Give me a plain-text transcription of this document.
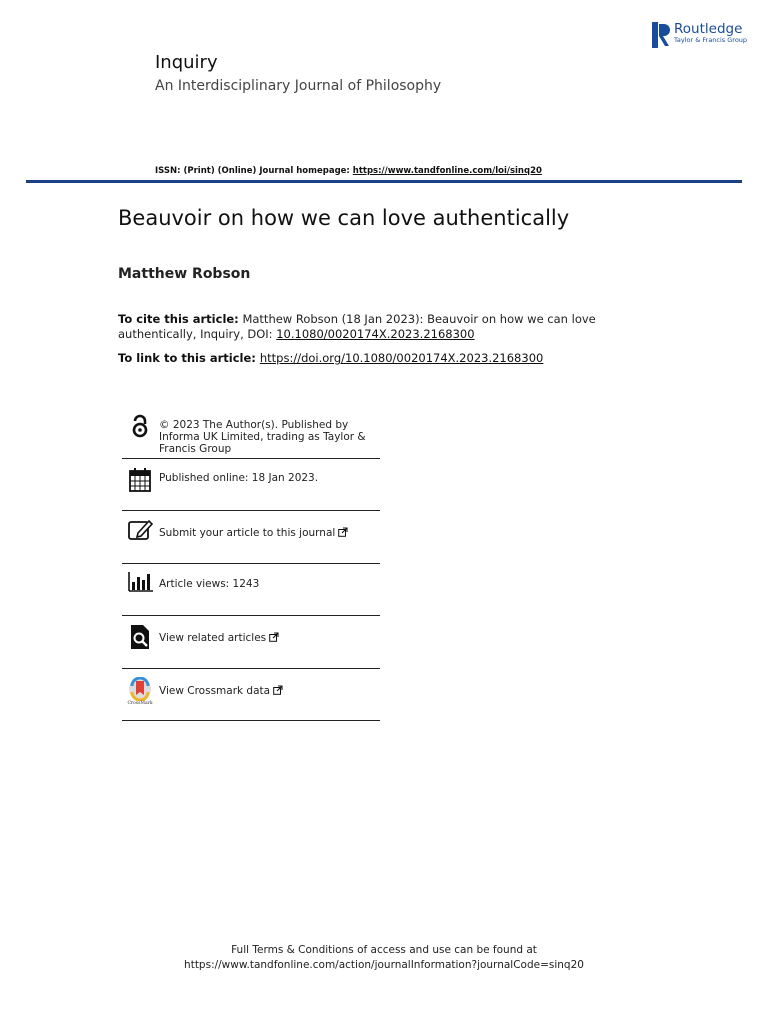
Routledge
Taylor & Francis Group
Inquiry
An Interdisciplinary Journal of Philosophy
ISSN: (Print) (Online) Journal homepage: https://www.tandfonline.com/loi/sinq20
Beauvoir on how we can love authentically
Matthew Robson
To cite this article: Matthew Robson (18 Jan 2023): Beauvoir on how we can love authentically, Inquiry, DOI: 10.1080/0020174X.2023.2168300
To link to this article: https://doi.org/10.1080/0020174X.2023.2168300
© 2023 The Author(s). Published by Informa UK Limited, trading as Taylor & Francis Group
Published online: 18 Jan 2023.
Submit your article to this journal
Article views: 1243
View related articles
CrossMark
View Crossmark data
Full Terms & Conditions of access and use can be found at
https://www.tandfonline.com/action/journalInformation?journalCode=sinq20
